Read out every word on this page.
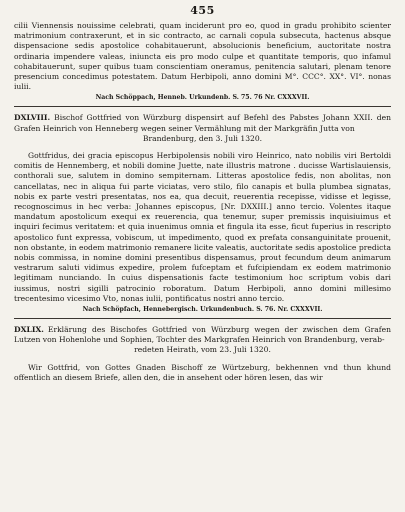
455

cilii Viennensis nouissime celebrati, quam inciderunt pro eo, quod in gradu prohibito scienter matrimonium contraxerunt, et in sic contracto, ac carnali copula subsecuta, hactenus absque dispensacione sedis apostolice cohabitauerunt, absolucionis beneficium, auctoritate nostra ordinaria impendere valeas, iniuncta eis pro modo culpe et quantitate temporis, quo infamul cohabitauerunt, super quibus tuam conscientiam oneramus, penitencia salutari, plenam tenore presencium concedimus potestatem. Datum Herbipoli, anno domini M°. CCC°. XX°. VI°. nonas iulii.

Nach Schöppach, Henneb. Urkundenb. S. 75. 76 Nr. CXXXVII.
DXLVIII. Bischof Gottfried von Würzburg dispensirt auf Befehl des Pabstes Johann XXII. den Grafen Heinrich von Henneberg wegen seiner Vermählung mit der Markgräfin Jutta von
Brandenburg, den 3. Juli 1320.

Gottfridus, dei gracia episcopus Herbipolensis nobili viro Heinrico, nato nobilis viri Bertoldi comitis de Hennemberg, et nobili domine Juette, nate illustris matrone . ducisse Wartislauiensis, conthorali sue, salutem in domino sempiternam. Litteras apostolice fedis, non abolitas, non cancellatas, nec in aliqua fui parte viciatas, vero stilo, filo canapis et bulla plumbea signatas, nobis ex parte vestri presentatas, nos ea, qua decuit, reuerentia recepisse, vidisse et legisse, recognoscimus in hec verba: Johannes episcopus, [Nr. DXXIII.] anno tercio. Volentes itaque mandatum apostolicum exequi ex reuerencia, qua tenemur, super premissis inquisiuimus et inquiri fecimus veritatem: et quia inuenimus omnia et fingula ita esse, ficut fuperius in rescripto apostolico funt expressa, vobiscum, ut impedimento, quod ex prefata consanguinitate prouenit, non obstante, in eodem matrimonio remanere licite valeatis, auctoritate sedis apostolice predicta nobis commissa, in nomine domini presentibus dispensamus, prout fecundum deum animarum vestrarum saluti vidimus expedire, prolem fufceptam et fufcipiendam ex eodem matrimonio legitimam nunciando. In cuius dispensationis facte testimonium hoc scriptum vobis dari iussimus, nostri sigilli patrocinio roboratum. Datum Herbipoli, anno domini millesimo trecentesimo vicesimo Vto, nonas iulii, pontificatus nostri anno tercio.

Nach Schöpfach, Hennebergisch. Urkundenbuch. S. 76. Nr. CXXXVII.
DXLIX. Erklärung des Bischofes Gottfried von Würzburg wegen der zwischen dem Grafen Lutzen von Hohenlohe und Sophien, Tochter des Markgrafen Heinrich von Brandenburg, verab-
redeten Heirath, vom 23. Juli 1320.

Wir Gottfrid, von Gottes Gnaden Bischoff ze Würtzeburg, bekhennen vnd thun khund offentlich an diesem Briefe, allen den, die in ansehent oder hören lesen, das wir
